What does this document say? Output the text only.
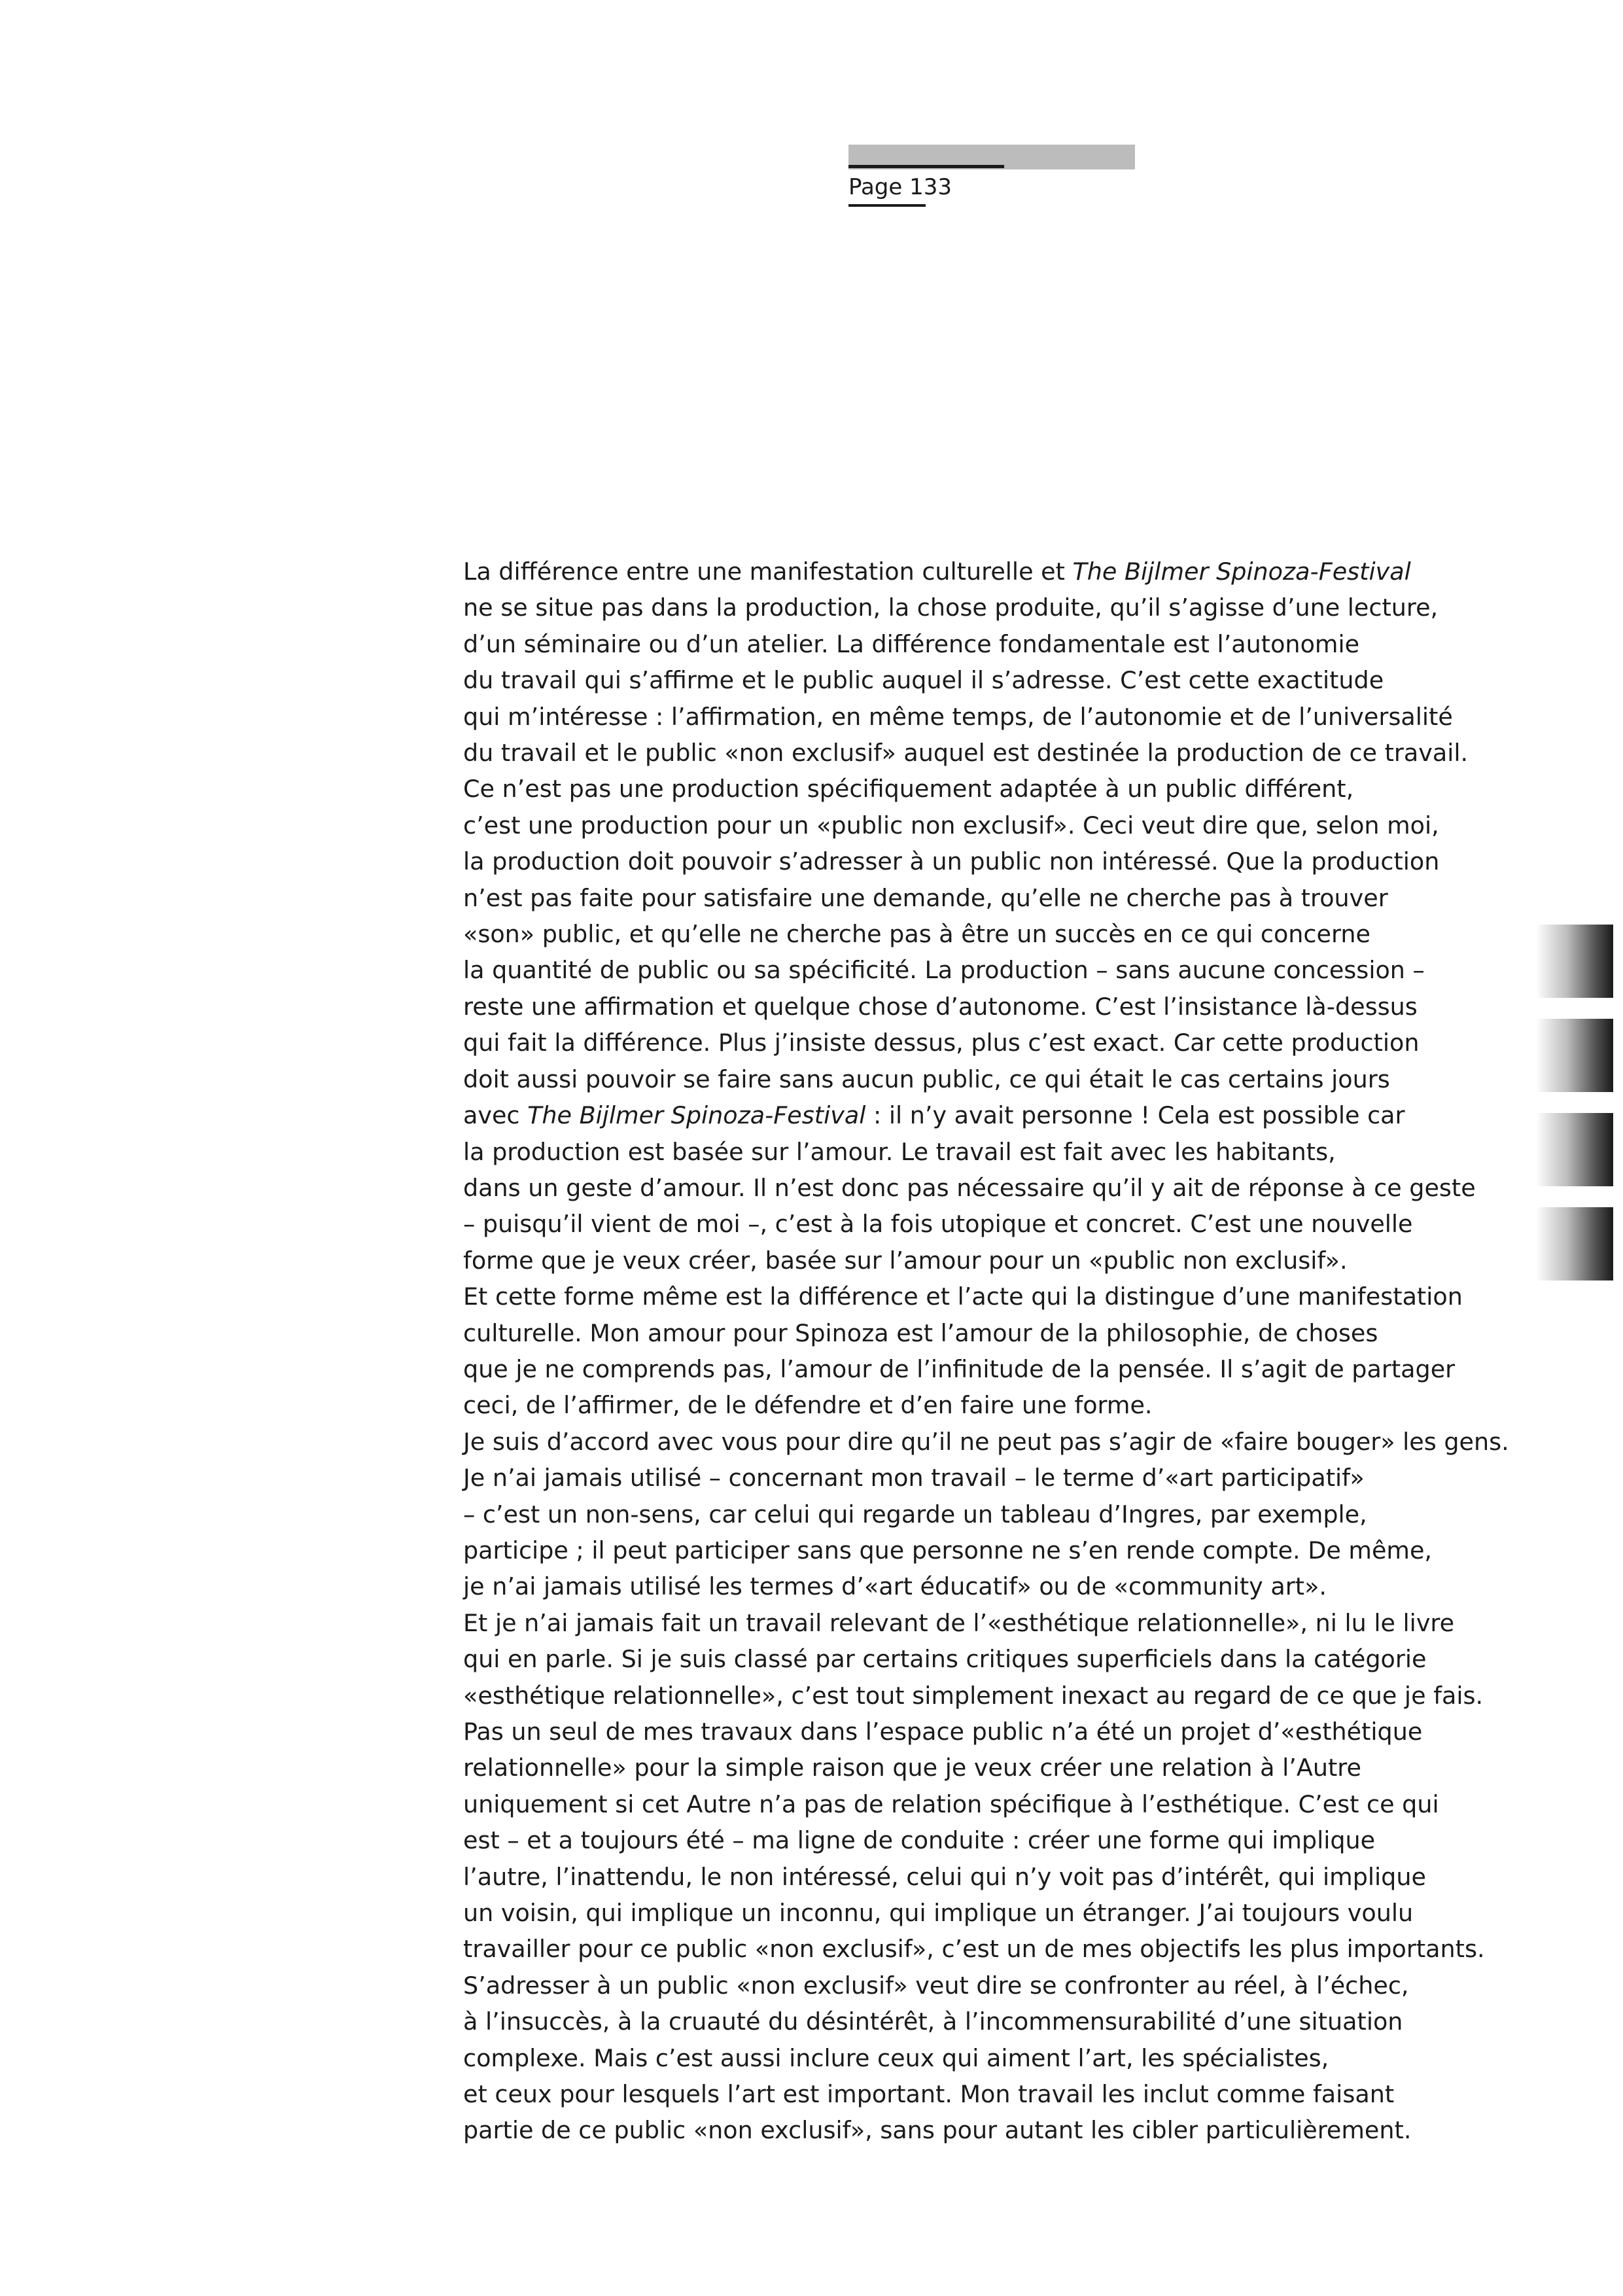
Page 133
La différence entre une manifestation culturelle et The Bijlmer Spinoza-Festival
ne se situe pas dans la production, la chose produite, qu’il s’agisse d’une lecture,
d’un séminaire ou d’un atelier. La différence fondamentale est l’autonomie
du travail qui s’affirme et le public auquel il s’adresse. C’est cette exactitude
qui m’intéresse : l’affirmation, en même temps, de l’autonomie et de l’universalité
du travail et le public «non exclusif» auquel est destinée la production de ce travail.
Ce n’est pas une production spécifiquement adaptée à un public différent,
c’est une production pour un «public non exclusif». Ceci veut dire que, selon moi,
la production doit pouvoir s’adresser à un public non intéressé. Que la production
n’est pas faite pour satisfaire une demande, qu’elle ne cherche pas à trouver
«son» public, et qu’elle ne cherche pas à être un succès en ce qui concerne
la quantité de public ou sa spécificité. La production – sans aucune concession –
reste une affirmation et quelque chose d’autonome. C’est l’insistance là-dessus
qui fait la différence. Plus j’insiste dessus, plus c’est exact. Car cette production
doit aussi pouvoir se faire sans aucun public, ce qui était le cas certains jours
avec The Bijlmer Spinoza-Festival : il n’y avait personne ! Cela est possible car
la production est basée sur l’amour. Le travail est fait avec les habitants,
dans un geste d’amour. Il n’est donc pas nécessaire qu’il y ait de réponse à ce geste
– puisqu’il vient de moi –, c’est à la fois utopique et concret. C’est une nouvelle
forme que je veux créer, basée sur l’amour pour un «public non exclusif».
Et cette forme même est la différence et l’acte qui la distingue d’une manifestation
culturelle. Mon amour pour Spinoza est l’amour de la philosophie, de choses
que je ne comprends pas, l’amour de l’infinitude de la pensée. Il s’agit de partager
ceci, de l’affirmer, de le défendre et d’en faire une forme.
Je suis d’accord avec vous pour dire qu’il ne peut pas s’agir de «faire bouger» les gens.
Je n’ai jamais utilisé – concernant mon travail – le terme d’«art participatif»
– c’est un non-sens, car celui qui regarde un tableau d’Ingres, par exemple,
participe ; il peut participer sans que personne ne s’en rende compte. De même,
je n’ai jamais utilisé les termes d’«art éducatif» ou de «community art».
Et je n’ai jamais fait un travail relevant de l’«esthétique relationnelle», ni lu le livre
qui en parle. Si je suis classé par certains critiques superficiels dans la catégorie
«esthétique relationnelle», c’est tout simplement inexact au regard de ce que je fais.
Pas un seul de mes travaux dans l’espace public n’a été un projet d’«esthétique
relationnelle» pour la simple raison que je veux créer une relation à l’Autre
uniquement si cet Autre n’a pas de relation spécifique à l’esthétique. C’est ce qui
est – et a toujours été – ma ligne de conduite : créer une forme qui implique
l’autre, l’inattendu, le non intéressé, celui qui n’y voit pas d’intérêt, qui implique
un voisin, qui implique un inconnu, qui implique un étranger. J’ai toujours voulu
travailler pour ce public «non exclusif», c’est un de mes objectifs les plus importants.
S’adresser à un public «non exclusif» veut dire se confronter au réel, à l’échec,
à l’insuccès, à la cruauté du désintérêt, à l’incommensurabilité d’une situation
complexe. Mais c’est aussi inclure ceux qui aiment l’art, les spécialistes,
et ceux pour lesquels l’art est important. Mon travail les inclut comme faisant
partie de ce public «non exclusif», sans pour autant les cibler particulièrement.
